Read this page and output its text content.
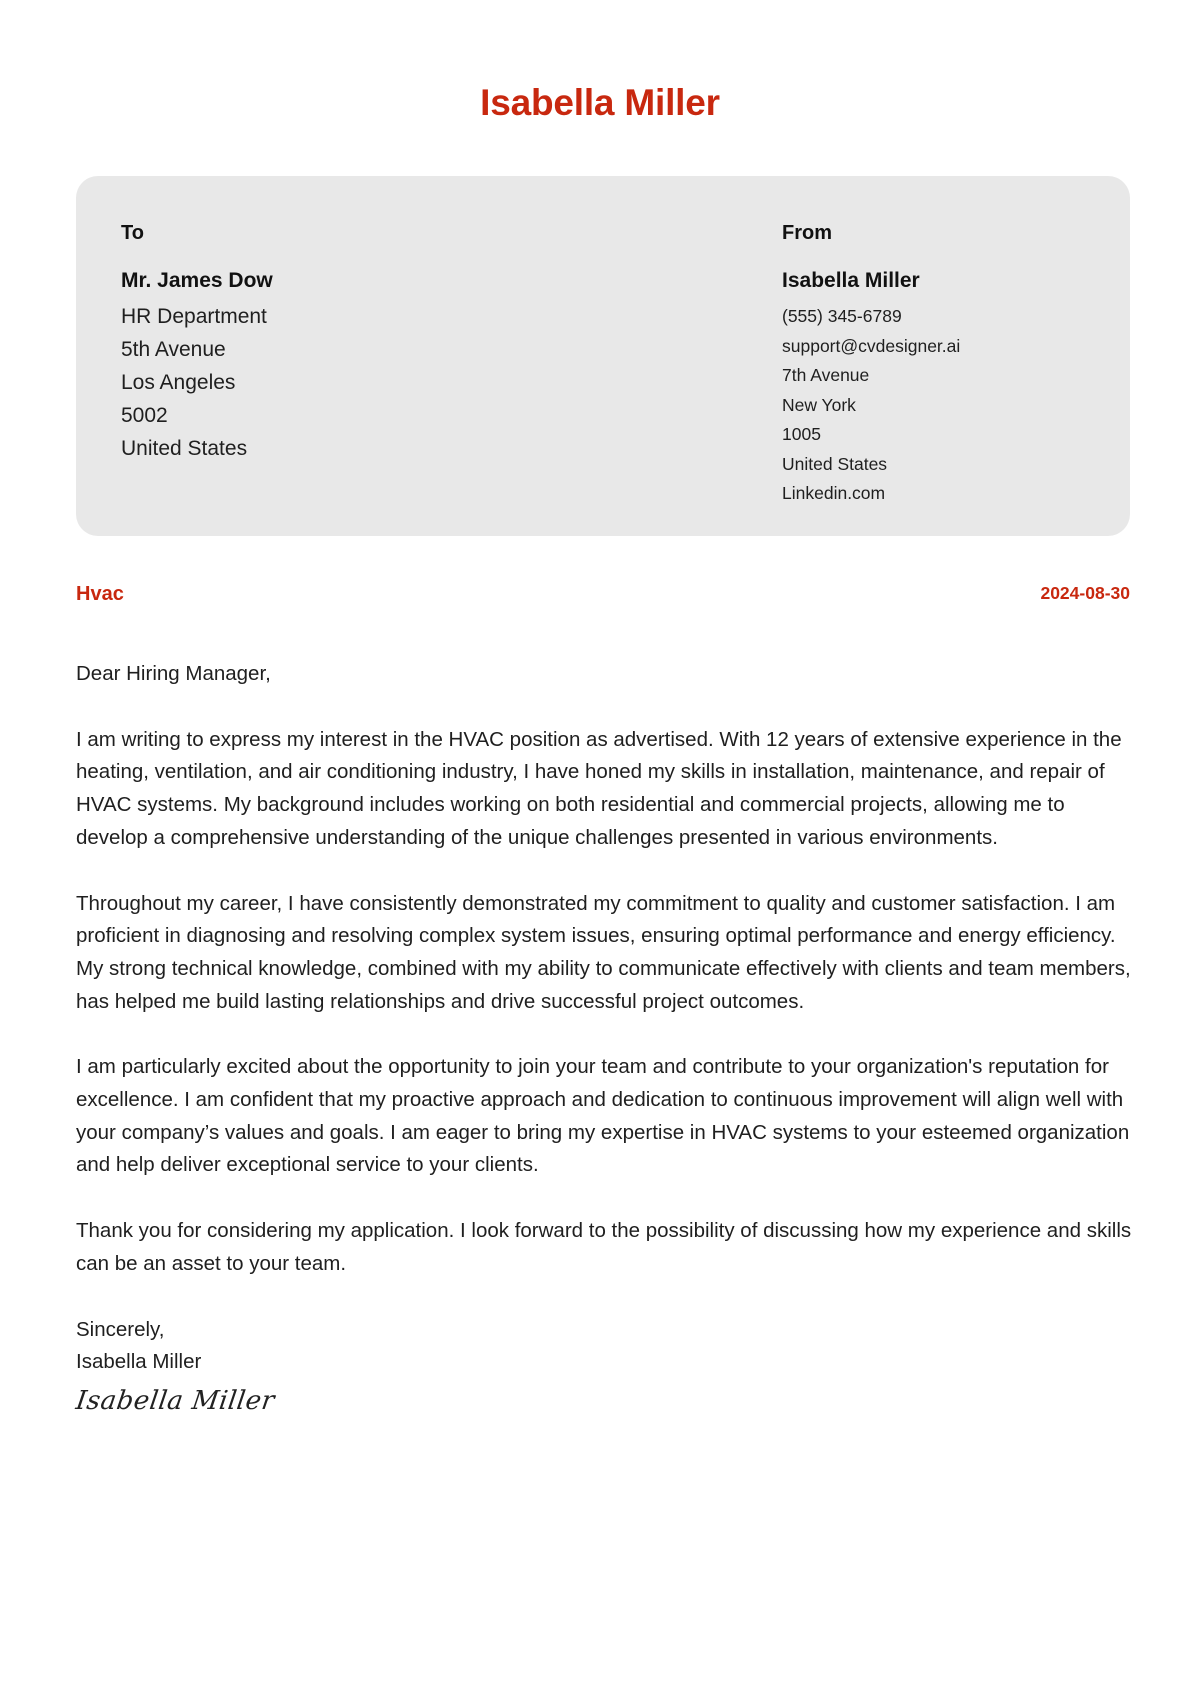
Isabella Miller
To
Mr. James Dow
HR Department
5th Avenue
Los Angeles
5002
United States
From
Isabella Miller
(555) 345-6789
support@cvdesigner.ai
7th Avenue
New York
1005
United States
Linkedin.com
Hvac	2024-08-30

Dear Hiring Manager,

I am writing to express my interest in the HVAC position as advertised. With 12 years of extensive experience in the heating, ventilation, and air conditioning industry, I have honed my skills in installation, maintenance, and repair of HVAC systems. My background includes working on both residential and commercial projects, allowing me to develop a comprehensive understanding of the unique challenges presented in various environments.

Throughout my career, I have consistently demonstrated my commitment to quality and customer satisfaction. I am proficient in diagnosing and resolving complex system issues, ensuring optimal performance and energy efficiency. My strong technical knowledge, combined with my ability to communicate effectively with clients and team members, has helped me build lasting relationships and drive successful project outcomes.

I am particularly excited about the opportunity to join your team and contribute to your organization's reputation for excellence. I am confident that my proactive approach and dedication to continuous improvement will align well with your company’s values and goals. I am eager to bring my expertise in HVAC systems to your esteemed organization and help deliver exceptional service to your clients.

Thank you for considering my application. I look forward to the possibility of discussing how my experience and skills can be an asset to your team.

Sincerely,
Isabella Miller

Isabella Miller
